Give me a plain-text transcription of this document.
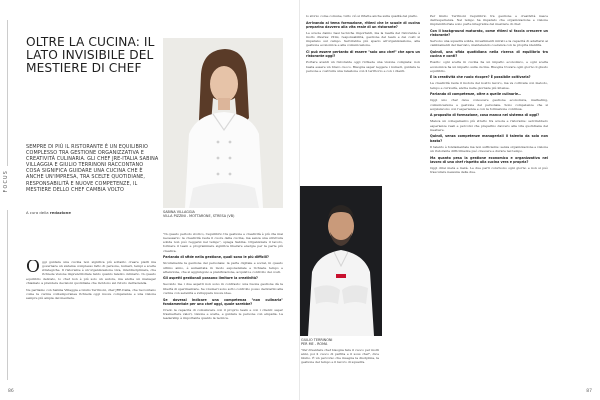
FOCUS
OLTRE LA CUCINA: IL LATO INVISIBILE DEL MESTIERE DI CHEF

SEMPRE DI PIÙ IL RISTORANTE È UN EQUILIBRIO COMPLESSO TRA GESTIONE ORGANIZZATIVA E CREATIVITÀ CULINARIA. GLI CHEF JRE-ITALIA SABINA VILLAGGIA E GIULIO TERRINONI RACCONTANO COSA SIGNIFICA GUIDARE UNA CUCINA CHE È ANCHE UN'IMPRESA, TRA SCELTE QUOTIDIANE, RESPONSABILITÀ E NUOVE COMPETENZE, IL MESTIERE DELLO CHEF CAMBIA VOLTO

A cura della redazione	SABINA VILLAGGIA
VILLA PIZZINI - MOTTARONE, STRESA (VB)
O ggi guidare una cucina non significa più soltanto creare piatti ma governare un sistema complesso fatto di persone, numeri, tempi e scelte strategiche. Il ristorante è un'organizzazione viva, interdisciplinare, che richiede visione imprenditoriale tanto quanto talento culinario. In questo equilibrio delicato, lo chef non è più solo un autore, ma anche un manager chiamato a prendere decisioni quotidiane che incidono sul futuro dell'azienda.

Ne parliamo con Sabina Villaggia e Giulio Terrinoni, chef JRE-Italia, che raccontano come la cucina contemporanea richieda oggi nuove competenze e una visione sempre più ampia del mestiere.

"In questo periodo storico, l'equilibrio tra gestione e creatività è più che mai necessario: la creatività resta il cuore della cucina, ma senza una struttura solida non può reggersi nel tempo", spiega Sabina. Organizzare il lavoro, formare il team e programmare significa liberare energie per la parte più creativa.

Parlando di sfide nella gestione, quali sono le più difficili?

Sicuramente la gestione del personale: la parte digitale e social, in questo ultimo anno, è aumentata in modo esponenziale e richiede tempo e attenzione, che si aggiungono a pianificazione, acquisti e controllo dei costi.

Gli aspetti gestionali possono limitare la creatività?

Secondo me i due aspetti non sono in contrasto: una buona gestione dà la libertà di sperimentare. Se i numeri sono sotto controllo posso dedicarmi alla cucina con serenità e sviluppare nuove idee.

Se dovessi indicare una competenza "non culinaria" fondamentale per uno chef oggi, quale sarebbe?

Credo la capacità di comunicare con il proprio team e con i clienti: saper trasmettere valori, visione e scelte, e guidare le persone con empatia. La leadership è importante quanto la tecnica.

86

lo sforzo come comune, tutto ciò si riflette anche sulla qualità del piatto.

Arrivando al tema formazione, ritieni che le scuole di cucina preparino davvero alla vita reale di un ristorante?

Le scuole danno basi tecniche importanti, ma la realtà del ristorante è molto diversa: ritmi, responsabilità, gestione del team e dei costi si imparano sul campo. Servirebbe più spazio all'organizzazione, alla gestione economica e alla comunicazione.

Ci può essere pertanto di essere "solo uno chef" che apra un ristorante oggi?

Portare avanti un ristorante oggi richiede una visione completa: non basta essere un bravo cuoco. Bisogna saper leggere i numeri, guidare le persone e costruire una relazione con il territorio e con i clienti.

GIULIO TERRINONI
PER ME - ROMA

"Per diventare chef bisogna fare il cuoco per molti anni, poi il cuoco di partita e il sous chef", dice Giulio. È un percorso che insegna la disciplina, la gestione del tempo e il lavoro di squadra.

Per Giulio Terrinoni l'equilibrio tra gestione e creatività nasce dall'esperienza. Nel tempo ha imparato che organizzazione e visione imprenditoriale sono parte integrante del mestiere di chef.

Con il background maturato, come ritieni si faccia crescere un ristorante?

Servono una squadra solida, investimenti mirati e la capacità di adattarsi ai cambiamenti del mercato, mantenendo coerenza con la propria identità.

Quindi, una sfida quotidiana nella ricerca di equilibrio tra cucina e conti?

Esatto: ogni scelta in cucina ha un impatto economico, e ogni scelta economica ha un impatto sulla cucina. Bisogna trovare ogni giorno il giusto equilibrio.

E la creatività che ruolo ricopre? È possibile coltivarla?

La creatività resta il motore del nostro lavoro, ma va coltivata con metodo, tempo e curiosità, anche nelle giornate più intense.

Parlando di competenze, oltre a quelle culinarie…

Oggi uno chef deve conoscere gestione economica, marketing, comunicazione e gestione del personale. Sono competenze che si acquisiscono con l'esperienza e con la formazione continua.

A proposito di formazione, cosa manca nel sistema di oggi?

Manca un collegamento più stretto tra scuola e ristorante: servirebbero esperienze reali e percorsi che preparino davvero alla vita quotidiana del mestiere.

Quindi, senza competenze manageriali il talento da solo non basta?

Il talento è fondamentale ma non sufficiente: senza organizzazione e visione un ristorante difficilmente può crescere e durare nel tempo.

Ma quanto pesa la gestione economica e organizzativa nel lavoro di uno chef rispetto alla cucina vera e propria?

Oggi direi metà e metà. Le due parti convivono ogni giorno e non si può trascurare nessuna delle due.

87
